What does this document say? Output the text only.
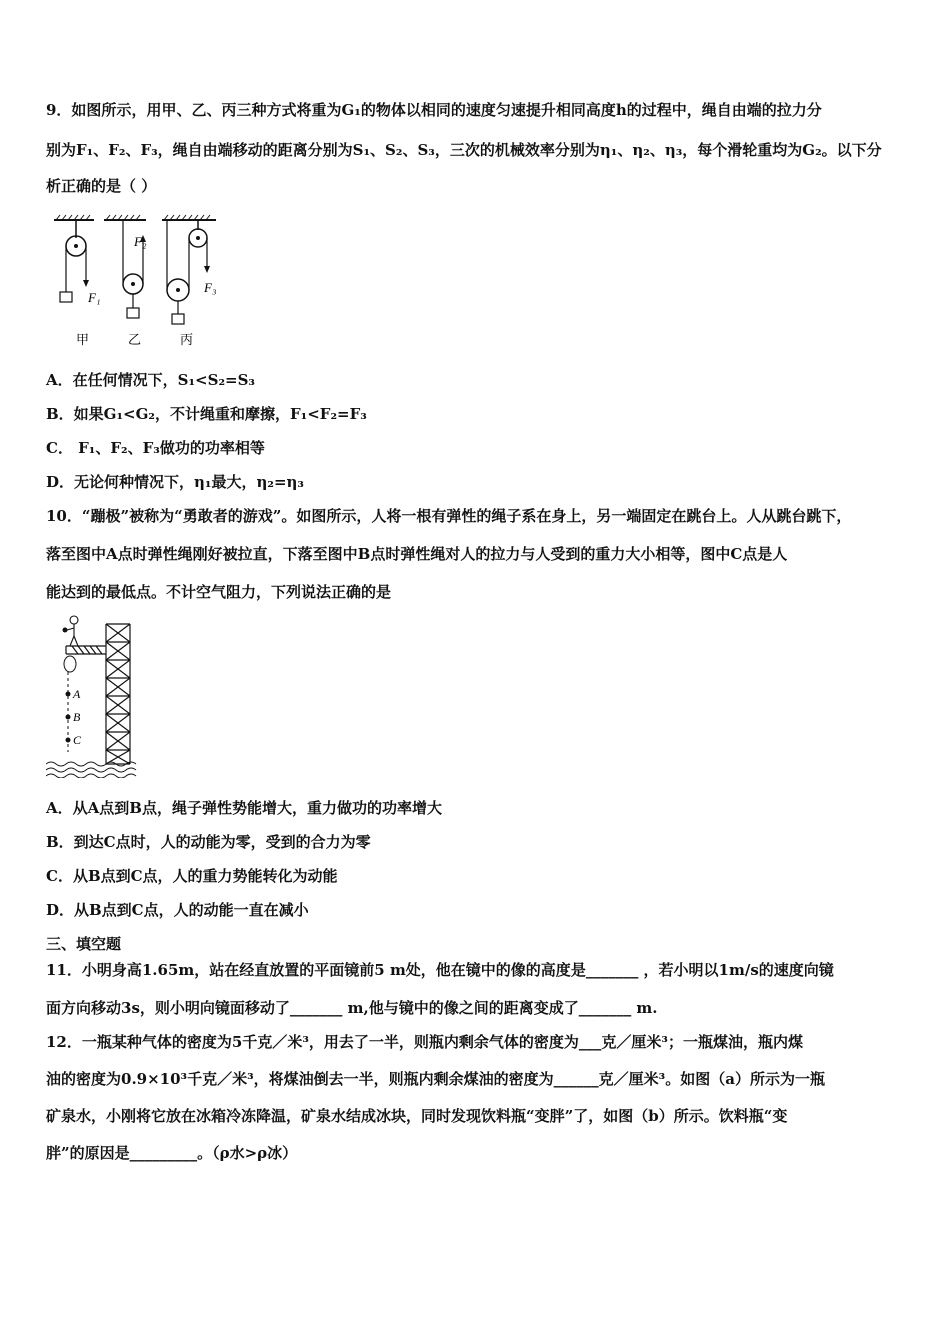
9．如图所示，用甲、乙、丙三种方式将重为G₁的物体以相同的速度匀速提升相同高度h的过程中，绳自由端的拉力分
别为F₁、F₂、F₃，绳自由端移动的距离分别为S₁、S₂、S₃，三次的机械效率分别为η₁、η₂、η₃，每个滑轮重均为G₂。以下分
析正确的是（ ）
F₁
F₂
F₃
甲	乙	丙
A．在任何情况下，S₁<S₂=S₃
B．如果G₁<G₂，不计绳重和摩擦，F₁<F₂=F₃
C． F₁、F₂、F₃做功的功率相等
D．无论何种情况下，η₁最大，η₂=η₃
10．“蹦极”被称为“勇敢者的游戏”。如图所示，人将一根有弹性的绳子系在身上，另一端固定在跳台上。人从跳台跳下，
落至图中A点时弹性绳刚好被拉直，下落至图中B点时弹性绳对人的拉力与人受到的重力大小相等，图中C点是人
能达到的最低点。不计空气阻力，下列说法正确的是
A
B
C
A．从A点到B点，绳子弹性势能增大，重力做功的功率增大
B．到达C点时，人的动能为零，受到的合力为零
C．从B点到C点，人的重力势能转化为动能
D．从B点到C点，人的动能一直在减小
三、填空题
11．小明身高1.65m，站在经直放置的平面镜前5 m处，他在镜中的像的高度是_______ ，若小明以1m/s的速度向镜
面方向移动3s，则小明向镜面移动了_______ m,他与镜中的像之间的距离变成了_______ m.
12．一瓶某种气体的密度为5千克／米³，用去了一半，则瓶内剩余气体的密度为___克／厘米³；一瓶煤油，瓶内煤
油的密度为0.9×10³千克／米³，将煤油倒去一半，则瓶内剩余煤油的密度为______克／厘米³。如图（a）所示为一瓶
矿泉水，小刚将它放在冰箱冷冻降温，矿泉水结成冰块，同时发现饮料瓶“变胖”了，如图（b）所示。饮料瓶“变
胖”的原因是_________。（ρ水>ρ冰）
